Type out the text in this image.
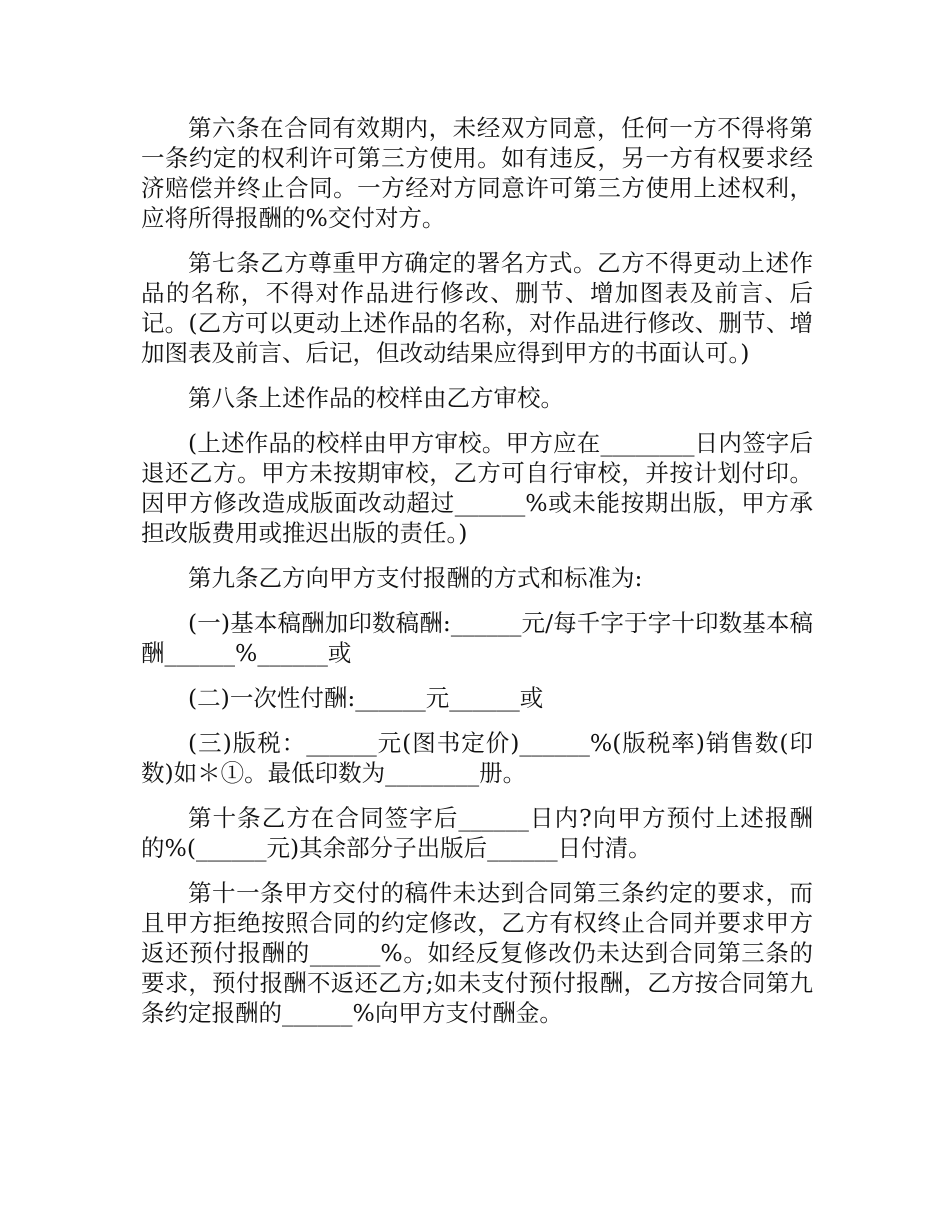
第六条在合同有效期内，未经双方同意，任何一方不得将第一条约定的权利许可第三方使用。如有违反，另一方有权要求经济赔偿并终止合同。一方经对方同意许可第三方使用上述权利，应将所得报酬的%交付对方。

第七条乙方尊重甲方确定的署名方式。乙方不得更动上述作品的名称，不得对作品进行修改、删节、增加图表及前言、后记。(乙方可以更动上述作品的名称，对作品进行修改、删节、增加图表及前言、后记，但改动结果应得到甲方的书面认可。)

第八条上述作品的校样由乙方审校。

(上述作品的校样由甲方审校。甲方应在________日内签字后退还乙方。甲方未按期审校，乙方可自行审校，并按计划付印。因甲方修改造成版面改动超过______%或未能按期出版，甲方承担改版费用或推迟出版的责任。)

第九条乙方向甲方支付报酬的方式和标准为:

(一)基本稿酬加印数稿酬:______元/每千字于字十印数基本稿酬______%______或

(二)一次性付酬:______元______或

(三)版税：______元(图书定价)______%(版税率)销售数(印数)如＊①。最低印数为________册。

第十条乙方在合同签字后______日内?向甲方预付上述报酬的%(______元)其余部分子出版后______日付清。

第十一条甲方交付的稿件未达到合同第三条约定的要求，而且甲方拒绝按照合同的约定修改，乙方有权终止合同并要求甲方返还预付报酬的______%。如经反复修改仍未达到合同第三条的要求，预付报酬不返还乙方;如未支付预付报酬，乙方按合同第九条约定报酬的______%向甲方支付酬金。
